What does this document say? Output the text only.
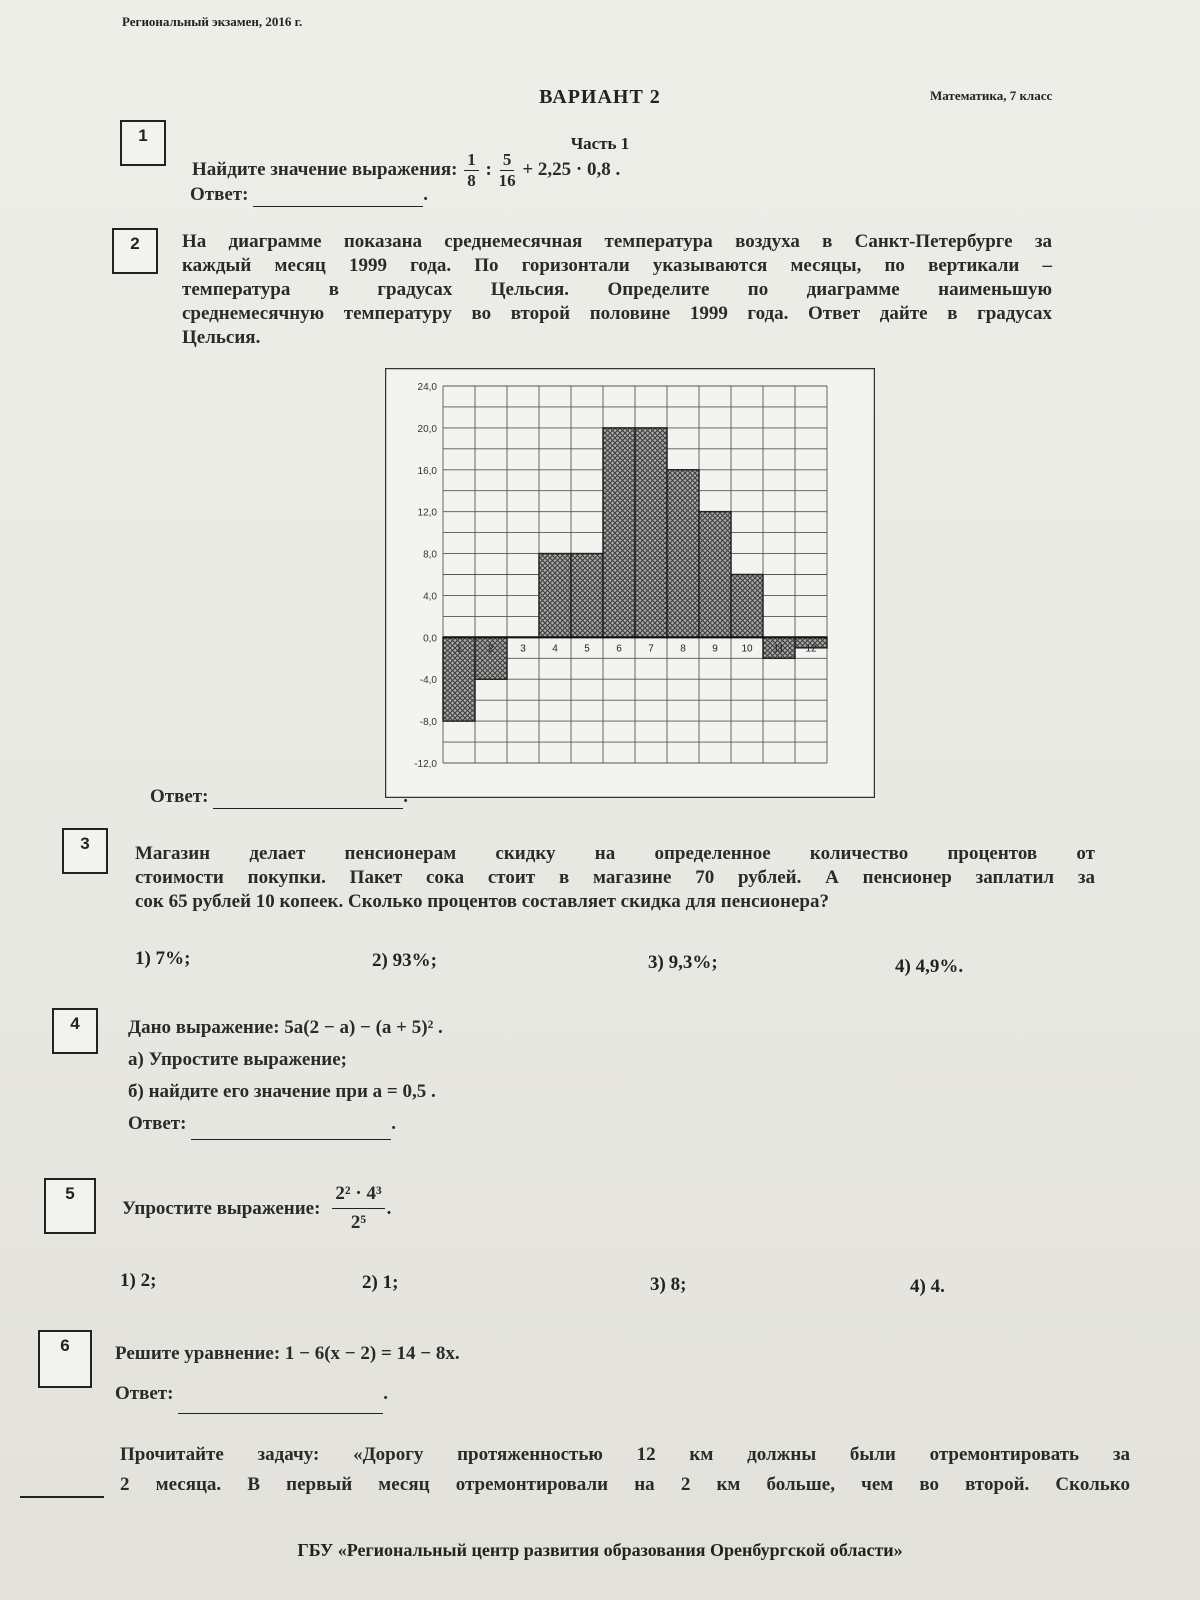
Региональный экзамен, 2016 г.
Математика, 7 класс
ВАРИАНТ 2
Часть 1
1
Найдите значение выражения: $\frac{1}{8}$ : $\frac{5}{16} + 2,25 \cdot 0,8$ .
Ответ:	.
2	На диаграмме показана среднемесячная температура воздуха в Санкт-Петербурге за
каждый месяц 1999 года. По горизонтали указываются месяцы, по вертикали –
температура в градусах Цельсия. Определите по диаграмме наименьшую
среднемесячную температуру во второй половине 1999 года. Ответ дайте в градусах
Цельсия.
24,0
20,0
16,0
12,0
8,0
4,0
0,0
-4,0
-8,0
-12,0
1	2	3	4	5	6	7	8	9 10 11 12
Ответ:	.
3	Магазин делает пенсионерам скидку на определенное количество процентов от
стоимости покупки. Пакет сока стоит в магазине 70 рублей. А пенсионер заплатил за
сок 65 рублей 10 копеек. Сколько процентов составляет скидка для пенсионера?
1) 7%;	2) 93%;	3) 9,3%;	4) 4,9%.
4	Дано выражение: 5a(2 − a) − (a + 5)² .
а) Упростите выражение;
б) найдите его значение при a = 0,5 .
Ответ:	.
5
Упростите выражение: $\frac{\text{2² · 4³}}{\text{2⁵}}$ .
1) 2;	2) 1;	3) 8;	4) 4.
6	Решите уравнение: 1 − 6(x − 2) = 14 − 8x.
Ответ:	.
Прочитайте задачу: «Дорогу протяженностью 12 км должны были отремонтировать за
2 месяца. В первый месяц отремонтировали на 2 км больше, чем во второй. Сколько
ГБУ «Региональный центр развития образования Оренбургской области»
